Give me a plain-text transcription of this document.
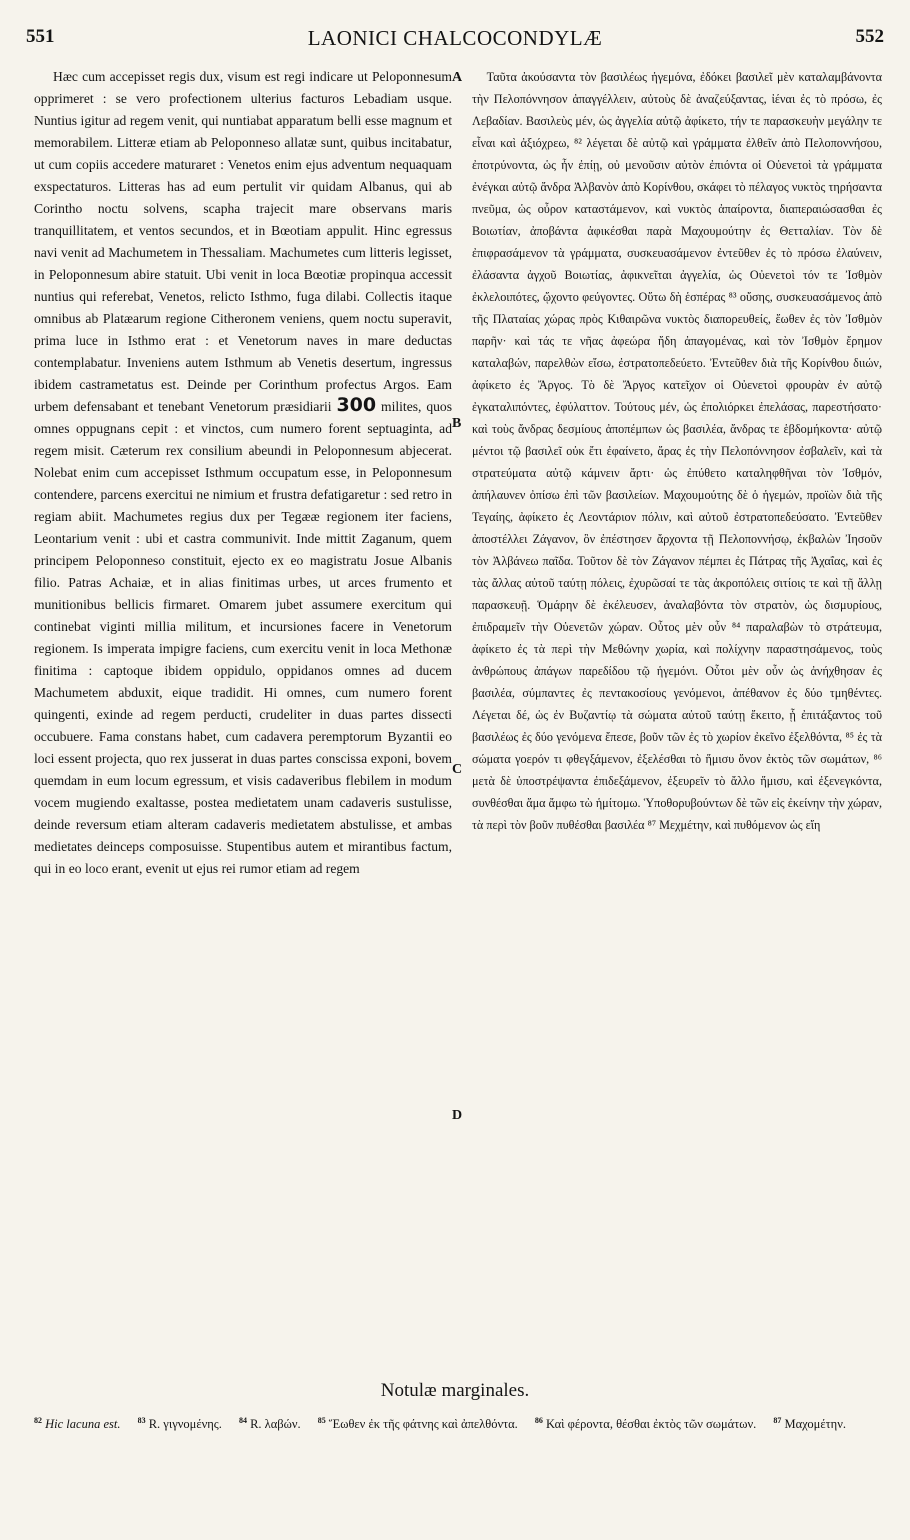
551	LAONICI CHALCOCONDYLÆ	552

Hæc cum accepisset regis dux, visum est regi indicare ut Peloponnesum opprimeret : se vero profectionem ulterius facturos Lebadiam usque. Nuntius igitur ad regem venit, qui nuntiabat apparatum belli esse magnum et memorabilem. Litteræ etiam ab Peloponneso allatæ sunt, quibus incitabatur, ut cum copiis accedere maturaret : Venetos enim ejus adventum nequaquam exspectaturos. Litteras has ad eum pertulit vir quidam Albanus, qui ab Corintho noctu solvens, scapha trajecit mare observans maris tranquillitatem, et ventos secundos, et in Bœotiam appulit. Hinc egressus navi venit ad Machumetem in Thessaliam. Machumetes cum litteris legisset, in Peloponnesum abire statuit. Ubi venit in loca Bœotiæ propinqua accessit nuntius qui referebat, Venetos, relicto Isthmo, fuga dilabi. Collectis itaque omnibus ab Platæarum regione Citheronem veniens, quem noctu superavit, prima luce in Isthmo erat : et Venetorum naves in mare deductas contemplabatur. Inveniens autem Isthmum ab Venetis desertum, ingressus ibidem castrametatus est. Deinde per Corinthum profectus Argos. Eam urbem defensabant et tenebant Venetorum præsidiarii 300 milites, quos omnes oppugnans cepit : et vinctos, cum numero forent septuaginta, ad regem misit. Cæterum rex consilium abeundi in Peloponnesum abjecerat. Nolebat enim cum accepisset Isthmum occupatum esse, in Peloponnesum contendere, parcens exercitui ne nimium et frustra defatigaretur : sed retro in regiam abiit. Machumetes regius dux per Tegææ regionem iter faciens, Leontarium venit : ubi et castra communivit. Inde mittit Zaganum, quem principem Peloponneso constituit, ejecto ex eo magistratu Josue Albanis filio. Patras Achaiæ, et in alias finitimas urbes, ut arces frumento et munitionibus bellicis firmaret. Omarem jubet assumere exercitum qui continebat viginti millia militum, et incursiones facere in Venetorum regionem. Is imperata impigre faciens, cum exercitu venit in loca Methonæ finitima : captoque ibidem oppidulo, oppidanos omnes ad ducem Machumetem abduxit, eique tradidit. Hi omnes, cum numero forent quingenti, exinde ad regem perducti, crudeliter in duas partes dissecti occubuere. Fama constans habet, cum cadavera peremptorum Byzantii eo loci essent projecta, quo rex jusserat in duas partes conscissa exponi, bovem quemdam in eum locum egressum, et visis cadaveribus flebilem in modum vocem mugiendo exaltasse, postea medietatem unam cadaveris sustulisse, deinde reversum etiam alteram cadaveris medietatem abstulisse, et ambas medietates deinceps composuisse. Stupentibus autem et mirantibus factum, qui in eo loco erant, evenit ut ejus rei rumor etiam ad regem

A
B
C
D

Ταῦτα ἀκούσαντα τὸν βασιλέως ἡγεμόνα, ἐδόκει βασιλεῖ μὲν καταλαμβάνοντα τὴν Πελοπόννησον ἀπαγγέλλειν, αὐτοὺς δὲ ἀναζεύξαντας, ἰέναι ἐς τὸ πρόσω, ἐς Λεβαδίαν. Βασιλεὺς μέν, ὡς ἀγγελία αὐτῷ ἀφίκετο, τήν τε παρασκευὴν μεγάλην τε εἶναι καὶ ἀξιόχρεω, ⁸² λέγεται δὲ αὐτῷ καὶ γράμματα ἐλθεῖν ἀπὸ Πελοποννήσου, ἐποτρύνοντα, ὡς ἦν ἐπίῃ, οὐ μενοῦσιν αὐτὸν ἐπιόντα οἱ Οὐενετοὶ τὰ γράμματα ἐνέγκαι αὐτῷ ἄνδρα Ἀλβανὸν ἀπὸ Κορίνθου, σκάφει τὸ πέλαγος νυκτὸς τηρήσαντα πνεῦμα, ὡς οὖρον καταστάμενον, καὶ νυκτὸς ἀπαίροντα, διαπεραιώσασθαι ἐς Βοιωτίαν, ἀποβάντα ἀφικέσθαι παρὰ Μαχουμούτην ἐς Θετταλίαν. Τὸν δὲ ἐπιφρασάμενον τὰ γράμματα, συσκευασάμενον ἐντεῦθεν ἐς τὸ πρόσω ἐλαύνειν, ἐλάσαντα ἀγχοῦ Βοιωτίας, ἀφικνεῖται ἀγγελία, ὡς Οὐενετοὶ τόν τε Ἰσθμὸν ἐκλελοιπότες, ᾤχοντο φεύγοντες. Οὕτω δὴ ἑσπέρας ⁸³ οὔσης, συσκευασάμενος ἀπὸ τῆς Πλαταίας χώρας πρὸς Κιθαιρῶνα νυκτὸς διαπορευθείς, ἕωθεν ἐς τὸν Ἰσθμὸν παρῆν· καὶ τάς τε νῆας ἀφεώρα ἤδη ἀπαγομένας, καὶ τὸν Ἰσθμὸν ἔρημον καταλαβών, παρελθὼν εἴσω, ἐστρατοπεδεύετο. Ἐντεῦθεν διὰ τῆς Κορίνθου διιών, ἀφίκετο ἐς Ἄργος. Τὸ δὲ Ἄργος κατεῖχον οἱ Οὐενετοὶ φρουρὰν ἐν αὐτῷ ἐγκαταλιπόντες, ἐφύλαττον. Τούτους μέν, ὡς ἐπολιόρκει ἐπελάσας, παρεστήσατο· καὶ τοὺς ἄνδρας δεσμίους ἀποπέμπων ὡς βασιλέα, ἄνδρας τε ἑβδομήκοντα· αὐτῷ μέντοι τῷ βασιλεῖ οὐκ ἔτι ἐφαίνετο, ἄρας ἐς τὴν Πελοπόννησον ἐσβαλεῖν, καὶ τὰ στρατεύματα αὐτῷ κάμνειν ἄρτι· ὡς ἐπύθετο καταληφθῆναι τὸν Ἰσθμόν, ἀπήλαυνεν ὀπίσω ἐπὶ τῶν βασιλείων. Μαχουμούτης δὲ ὁ ἡγεμών, προϊὼν διὰ τῆς Τεγαίης, ἀφίκετο ἐς Λεοντάριον πόλιν, καὶ αὐτοῦ ἐστρατοπεδεύσατο. Ἐντεῦθεν ἀποστέλλει Ζάγανον, ὃν ἐπέστησεν ἄρχοντα τῇ Πελοποννήσῳ, ἐκβαλὼν Ἰησοῦν τὸν Ἀλβάνεω παῖδα. Τοῦτον δὲ τὸν Ζάγανον πέμπει ἐς Πάτρας τῆς Ἀχαΐας, καὶ ἐς τὰς ἄλλας αὐτοῦ ταύτῃ πόλεις, ἐχυρῶσαί τε τὰς ἀκροπόλεις σιτίοις τε καὶ τῇ ἄλλῃ παρασκευῇ. Ὁμάρην δὲ ἐκέλευσεν, ἀναλαβόντα τὸν στρατὸν, ὡς δισμυρίους, ἐπιδραμεῖν τὴν Οὐενετῶν χώραν. Οὗτος μὲν οὖν ⁸⁴ παραλαβὼν τὸ στράτευμα, ἀφίκετο ἐς τὰ περὶ τὴν Μεθώνην χωρία, καὶ πολίχνην παραστησάμενος, τοὺς ἀνθρώπους ἀπάγων παρεδίδου τῷ ἡγεμόνι. Οὗτοι μὲν οὖν ὡς ἀνήχθησαν ἐς βασιλέα, σύμπαντες ἐς πεντακοσίους γενόμενοι, ἀπέθανον ἐς δύο τμηθέντες. Λέγεται δέ, ὡς ἐν Βυζαντίῳ τὰ σώματα αὐτοῦ ταύτῃ ἔκειτο, ᾗ ἐπιτάξαντος τοῦ βασιλέως ἐς δύο γενόμενα ἔπεσε, βοῦν τῶν ἐς τὸ χωρίον ἐκεῖνο ἐξελθόντα, ⁸⁵ ἐς τὰ σώματα γοερόν τι φθεγξάμενον, ἐξελέσθαι τὸ ἥμισυ ὅνον ἐκτὸς τῶν σωμάτων, ⁸⁶ μετὰ δὲ ὑποστρέψαντα ἐπιδεξάμενον, ἐξευρεῖν τὸ ἄλλο ἥμισυ, καὶ ἐξενεγκόντα, συνθέσθαι ἅμα ἄμφω τὼ ἡμίτομω. Ὑποθορυβούντων δὲ τῶν εἰς ἐκείνην τὴν χώραν, τὰ περὶ τὸν βοῦν πυθέσθαι βασιλέα ⁸⁷ Μεχμέτην, καὶ πυθόμενον ὡς εἴη

Notulæ marginales.
$^{82}$ Hic lacuna est. $^{83}$ R. γιγνομένης. $^{84}$ R. λαβών. $^{85}$ Ἕωθεν ἐκ τῆς φάτνης καὶ ἀπελθόντα. $^{86}$ Καὶ φέροντα, θέσθαι ἐκτὸς τῶν σωμάτων. $^{87}$ Μαχομέτην.
